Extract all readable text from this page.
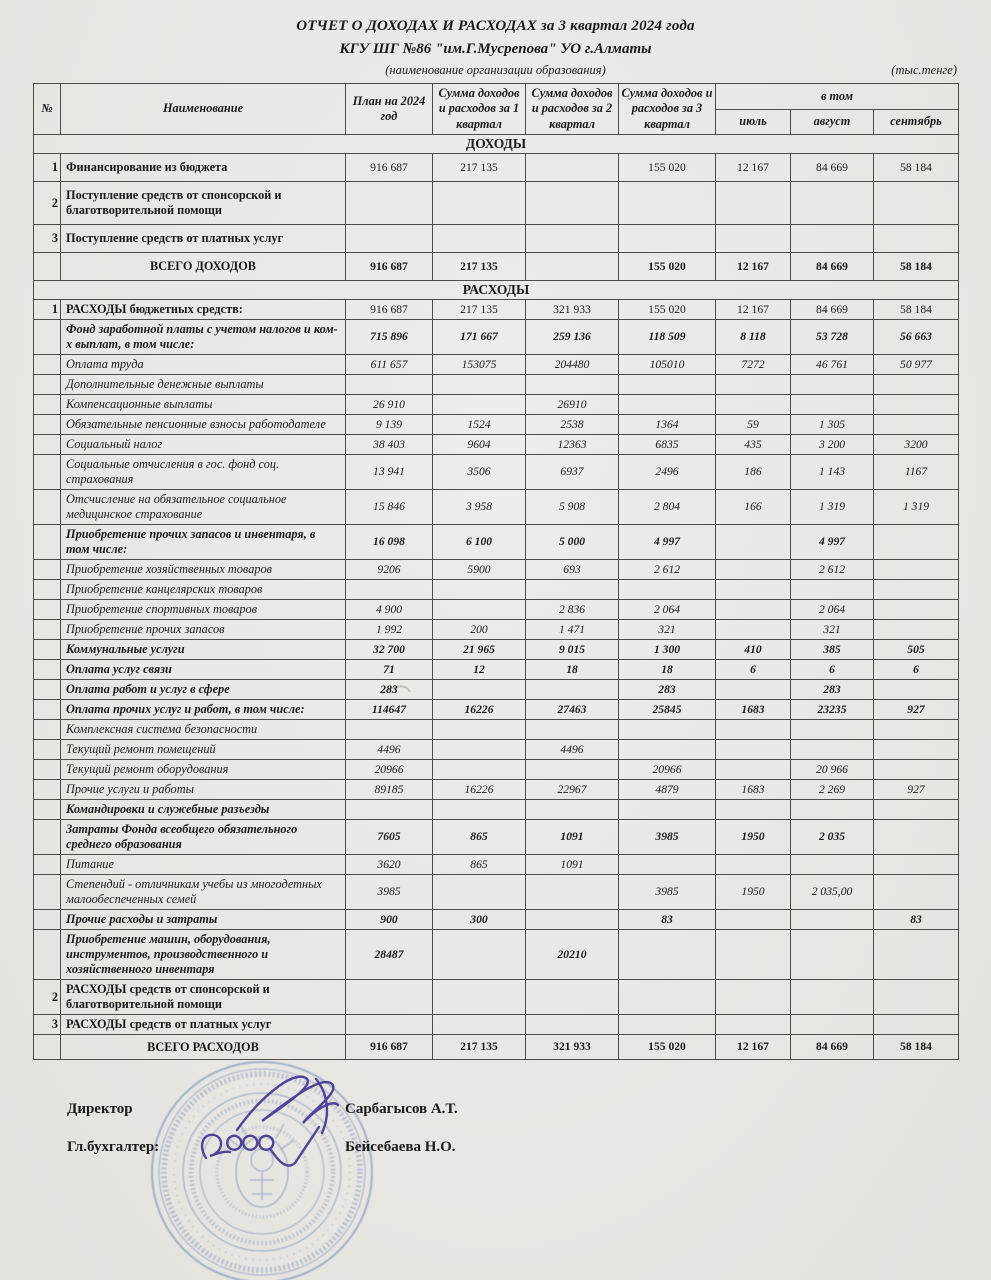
ОТЧЕТ О ДОХОДАХ И РАСХОДАХ за 3 квартал 2024 года
КГУ ШГ №86 "им.Г.Мусрепова" УО г.Алматы
(наименование организации образования)	(тыс.тенге)
№	Наименование	План на 2024 год	Сумма доходов и расходов за 1 квартал	Сумма доходов и расходов за 2 квартал	Сумма доходов и расходов за 3 квартал	в том		
						июль	август	сентябрь
ДОХОДЫ								
1	Финансирование из бюджета	916 687	217 135		155 020	12 167	84 669	58 184
2	Поступление средств от спонсорской и благотворительной помощи							
3	Поступление средств от платных услуг							
	ВСЕГО ДОХОДОВ	916 687	217 135		155 020	12 167	84 669	58 184
РАСХОДЫ								
1	РАСХОДЫ бюджетных средств:	916 687	217 135	321 933	155 020	12 167	84 669	58 184
	Фонд заработной платы с учетом налогов и ком-х выплат, в том числе:	715 896	171 667	259 136	118 509	8 118	53 728	56 663
	Оплата труда	611 657	153075	204480	105010	7272	46 761	50 977
	Дополнительные денежные выплаты							
	Компенсационные выплаты	26 910		26910				
	Обязательные пенсионные взносы работодателе	9 139	1524	2538	1364	59	1 305	
	Социальный налог	38 403	9604	12363	6835	435	3 200	3200
	Социальные отчисления в гос. фонд соц. страхования	13 941	3506	6937	2496	186	1 143	1167
	Отсчисление на обязательное социальное медицинское страхование	15 846	3 958	5 908	2 804	166	1 319	1 319
	Приобретение прочих запасов и инвентаря, в том числе:	16 098	6 100	5 000	4 997		4 997	
	Приобретение хозяйственных товаров	9206	5900	693	2 612		2 612	
	Приобретение канцелярских товаров							
	Приобретение спортивных товаров	4 900		2 836	2 064		2 064	
	Приобретение прочих запасов	1 992	200	1 471	321		321	
	Коммунальные услуги	32 700	21 965	9 015	1 300	410	385	505
	Оплата услуг связи	71	12	18	18	6	6	6
	Оплата работ и услуг в сфере	283			283		283	
	Оплата прочих услуг и работ, в том числе:	114647	16226	27463	25845	1683	23235	927
	Комплексная система безопасности							
	Текущий ремонт помещений	4496		4496				
	Текущий ремонт оборудования	20966			20966		20 966	
	Прочие услуги и работы	89185	16226	22967	4879	1683	2 269	927
	Командировки и служебные разъезды							
	Затраты Фонда всеобщего обязательного среднего образования	7605	865	1091	3985	1950	2 035	
	Питание	3620	865	1091				
	Степендий - отличникам учебы из многодетных малообеспеченных семей	3985			3985	1950	2 035,00	
	Прочие расходы и затраты	900	300		83			83
	Приобретение машин, оборудования, инструментов, производственного и хозяйственного инвентаря	28487		20210				
2	РАСХОДЫ средств от спонсорской и благотворительной помощи							
3	РАСХОДЫ средств от платных услуг							
	ВСЕГО РАСХОДОВ	916 687	217 135	321 933	155 020	12 167	84 669	58 184
Директор	Сарбагысов А.Т.
Гл.бухгалтер:	Бейсебаева Н.О.
